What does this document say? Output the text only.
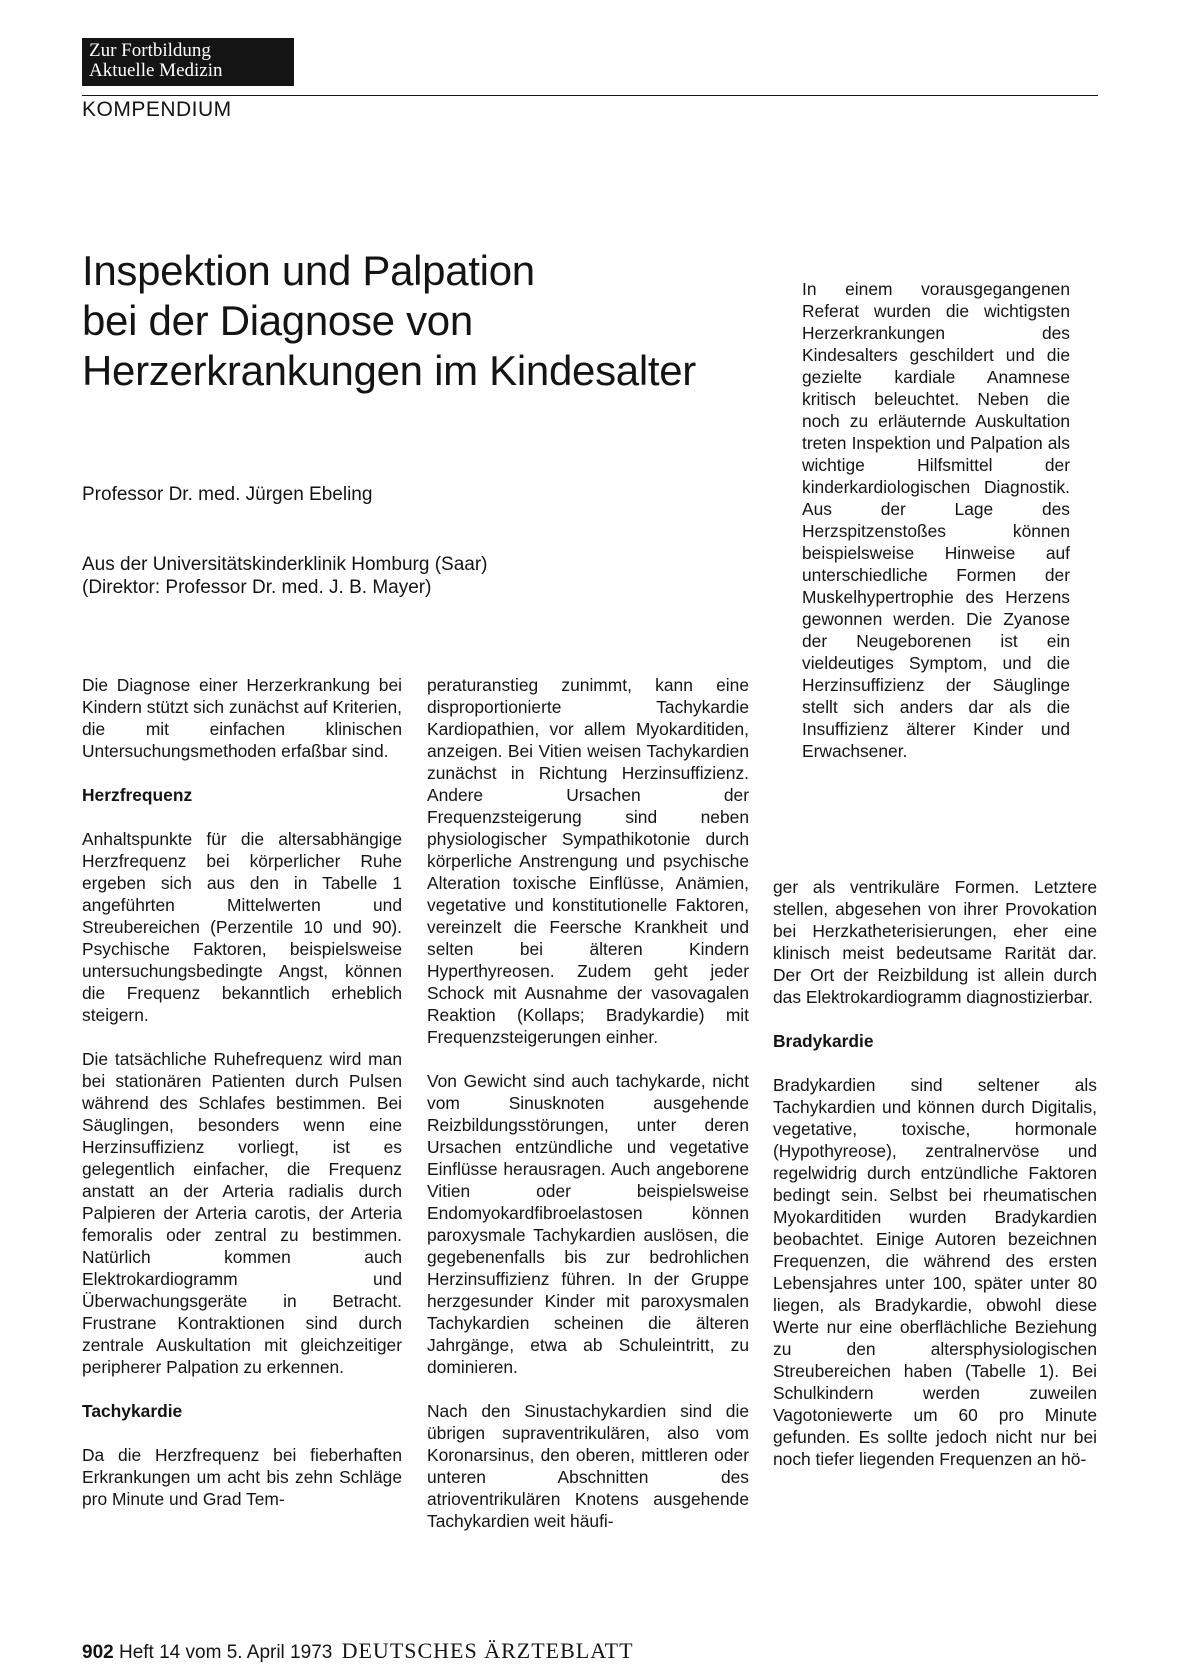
Zur Fortbildung
Aktuelle Medizin
KOMPENDIUM
Inspektion und Palpation
bei der Diagnose von
Herzerkrankungen im Kindesalter
Professor Dr. med. Jürgen Ebeling
Aus der Universitätskinderklinik Homburg (Saar)
(Direktor: Professor Dr. med. J. B. Mayer)

In einem vorausgegangenen Referat wurden die wichtigsten Herzerkrankungen des Kindesalters geschildert und die gezielte kardiale Anamnese kritisch beleuchtet. Neben die noch zu erläuternde Auskultation treten Inspektion und Palpation als wichtige Hilfsmittel der kinderkardiologischen Diagnostik. Aus der Lage des Herzspitzenstoßes können beispielsweise Hinweise auf unterschiedliche Formen der Muskelhypertrophie des Herzens gewonnen werden. Die Zyanose der Neugeborenen ist ein vieldeutiges Symptom, und die Herzinsuffizienz der Säuglinge stellt sich anders dar als die Insuffizienz älterer Kinder und Erwachsener.

Die Diagnose einer Herzerkrankung bei Kindern stützt sich zunächst auf Kriterien, die mit einfachen klinischen Untersuchungsmethoden erfaßbar sind.

Herzfrequenz

Anhaltspunkte für die altersabhängige Herzfrequenz bei körperlicher Ruhe ergeben sich aus den in Tabelle 1 angeführten Mittelwerten und Streubereichen (Perzentile 10 und 90). Psychische Faktoren, beispielsweise untersuchungsbedingte Angst, können die Frequenz bekanntlich erheblich steigern.

Die tatsächliche Ruhefrequenz wird man bei stationären Patienten durch Pulsen während des Schlafes bestimmen. Bei Säuglingen, besonders wenn eine Herzinsuffizienz vorliegt, ist es gelegentlich einfacher, die Frequenz anstatt an der Arteria radialis durch Palpieren der Arteria carotis, der Arteria femoralis oder zentral zu bestimmen. Natürlich kommen auch Elektrokardiogramm und Überwachungsgeräte in Betracht. Frustrane Kontraktionen sind durch zentrale Auskultation mit gleichzeitiger peripherer Palpation zu erkennen.

Tachykardie

Da die Herzfrequenz bei fieberhaften Erkrankungen um acht bis zehn Schläge pro Minute und Grad Tem-

peraturanstieg zunimmt, kann eine disproportionierte Tachykardie Kardiopathien, vor allem Myokarditiden, anzeigen. Bei Vitien weisen Tachykardien zunächst in Richtung Herzinsuffizienz. Andere Ursachen der Frequenzsteigerung sind neben physiologischer Sympathikotonie durch körperliche Anstrengung und psychische Alteration toxische Einflüsse, Anämien, vegetative und konstitutionelle Faktoren, vereinzelt die Feersche Krankheit und selten bei älteren Kindern Hyperthyreosen. Zudem geht jeder Schock mit Ausnahme der vasovagalen Reaktion (Kollaps; Bradykardie) mit Frequenzsteigerungen einher.

Von Gewicht sind auch tachykarde, nicht vom Sinusknoten ausgehende Reizbildungsstörungen, unter deren Ursachen entzündliche und vegetative Einflüsse herausragen. Auch angeborene Vitien oder beispielsweise Endomyokardfibroelastosen können paroxysmale Tachykardien auslösen, die gegebenenfalls bis zur bedrohlichen Herzinsuffizienz führen. In der Gruppe herzgesunder Kinder mit paroxysmalen Tachykardien scheinen die älteren Jahrgänge, etwa ab Schuleintritt, zu dominieren.

Nach den Sinustachykardien sind die übrigen supraventrikulären, also vom Koronarsinus, den oberen, mittleren oder unteren Abschnitten des atrioventrikulären Knotens ausgehende Tachykardien weit häufi-

ger als ventrikuläre Formen. Letztere stellen, abgesehen von ihrer Provokation bei Herzkatheterisierungen, eher eine klinisch meist bedeutsame Rarität dar. Der Ort der Reizbildung ist allein durch das Elektrokardiogramm diagnostizierbar.

Bradykardie

Bradykardien sind seltener als Tachykardien und können durch Digitalis, vegetative, toxische, hormonale (Hypothyreose), zentralnervöse und regelwidrig durch entzündliche Faktoren bedingt sein. Selbst bei rheumatischen Myokarditiden wurden Bradykardien beobachtet. Einige Autoren bezeichnen Frequenzen, die während des ersten Lebensjahres unter 100, später unter 80 liegen, als Bradykardie, obwohl diese Werte nur eine oberflächliche Beziehung zu den altersphysiologischen Streubereichen haben (Tabelle 1). Bei Schulkindern werden zuweilen Vagotoniewerte um 60 pro Minute gefunden. Es sollte jedoch nicht nur bei noch tiefer liegenden Frequenzen an hö-

902 Heft 14 vom 5. April 1973 DEUTSCHES ÄRZTEBLATT
